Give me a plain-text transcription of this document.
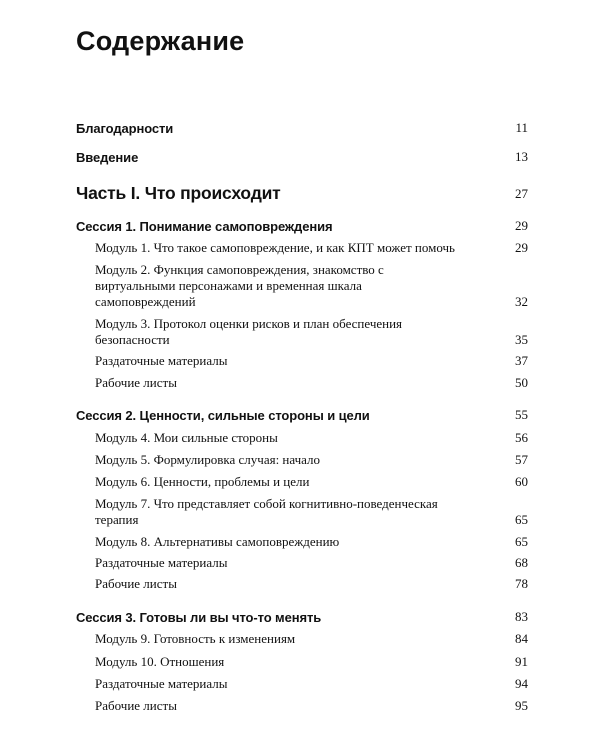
Содержание
Благодарности	11
Введение	13
Часть I. Что происходит	27
Сессия 1. Понимание самоповреждения	29
Модуль 1. Что такое самоповреждение, и как КПТ может помочь	29
Модуль 2. Функция самоповреждения, знакомство с виртуальными персонажами и временная шкала самоповреждений	32
Модуль 3. Протокол оценки рисков и план обеспечения безопасности	35
Раздаточные материалы	37
Рабочие листы	50
Сессия 2. Ценности, сильные стороны и цели	55
Модуль 4. Мои сильные стороны	56
Модуль 5. Формулировка случая: начало	57
Модуль 6. Ценности, проблемы и цели	60
Модуль 7. Что представляет собой когнитивно-поведенческая терапия	65
Модуль 8. Альтернативы самоповреждению	65
Раздаточные материалы	68
Рабочие листы	78
Сессия 3. Готовы ли вы что-то менять	83
Модуль 9. Готовность к изменениям	84
Модуль 10. Отношения	91
Раздаточные материалы	94
Рабочие листы	95
